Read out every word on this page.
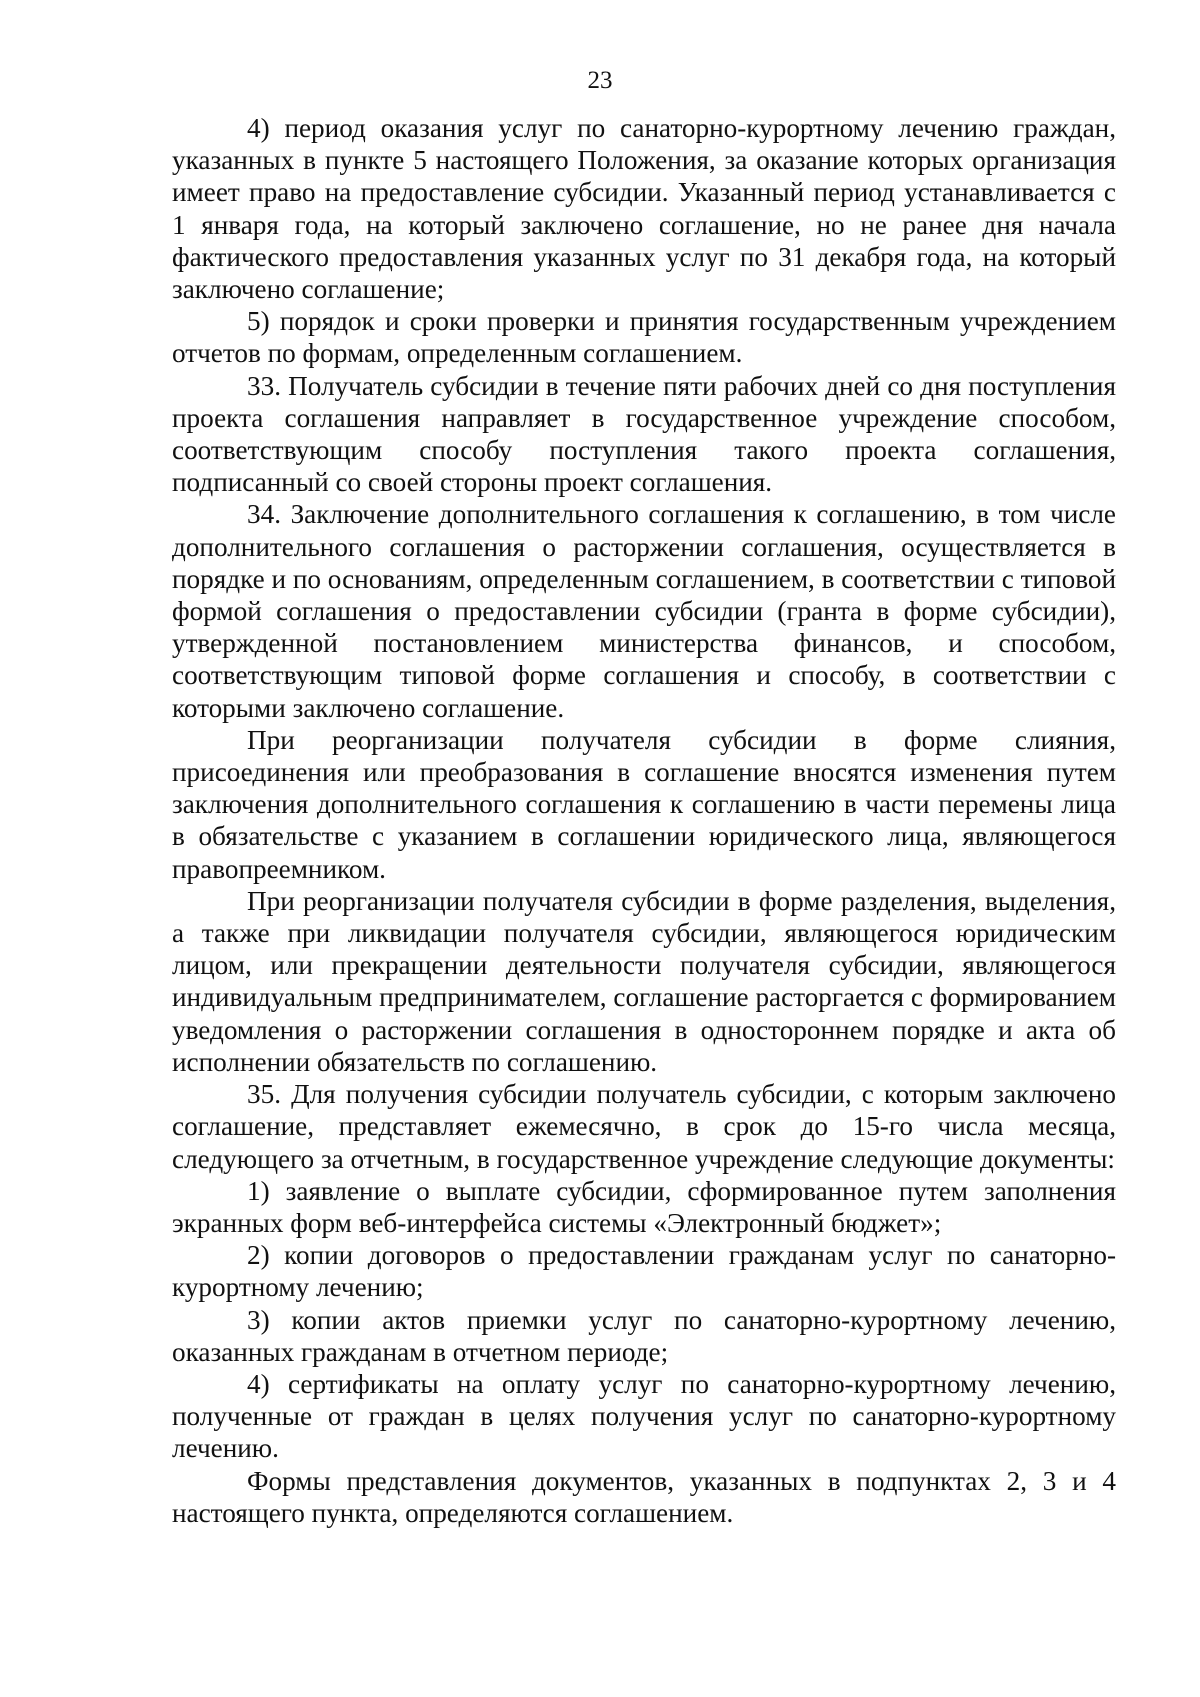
23

4) период оказания услуг по санаторно-курортному лечению граждан, указанных в пункте 5 настоящего Положения, за оказание которых организация имеет право на предоставление субсидии. Указанный период устанавливается с 1 января года, на который заключено соглашение, но не ранее дня начала фактического предоставления указанных услуг по 31 декабря года, на который заключено соглашение;

5) порядок и сроки проверки и принятия государственным учреждением отчетов по формам, определенным соглашением.

33. Получатель субсидии в течение пяти рабочих дней со дня поступления проекта соглашения направляет в государственное учреждение способом, соответствующим способу поступления такого проекта соглашения, подписанный со своей стороны проект соглашения.

34. Заключение дополнительного соглашения к соглашению, в том числе дополнительного соглашения о расторжении соглашения, осуществляется в порядке и по основаниям, определенным соглашением, в соответствии с типовой формой соглашения о предоставлении субсидии (гранта в форме субсидии), утвержденной постановлением министерства финансов, и способом, соответствующим типовой форме соглашения и способу, в соответствии с которыми заключено соглашение.

При реорганизации получателя субсидии в форме слияния, присоединения или преобразования в соглашение вносятся изменения путем заключения дополнительного соглашения к соглашению в части перемены лица в обязательстве с указанием в соглашении юридического лица, являющегося правопреемником.

При реорганизации получателя субсидии в форме разделения, выделения, а также при ликвидации получателя субсидии, являющегося юридическим лицом, или прекращении деятельности получателя субсидии, являющегося индивидуальным предпринимателем, соглашение расторгается с формированием уведомления о расторжении соглашения в одностороннем порядке и акта об исполнении обязательств по соглашению.

35. Для получения субсидии получатель субсидии, с которым заключено соглашение, представляет ежемесячно, в срок до 15-го числа месяца, следующего за отчетным, в государственное учреждение следующие документы:

1) заявление о выплате субсидии, сформированное путем заполнения экранных форм веб-интерфейса системы «Электронный бюджет»;

2) копии договоров о предоставлении гражданам услуг по санаторно-курортному лечению;

3) копии актов приемки услуг по санаторно-курортному лечению, оказанных гражданам в отчетном периоде;

4) сертификаты на оплату услуг по санаторно-курортному лечению, полученные от граждан в целях получения услуг по санаторно-курортному лечению.

Формы представления документов, указанных в подпунктах 2, 3 и 4 настоящего пункта, определяются соглашением.
